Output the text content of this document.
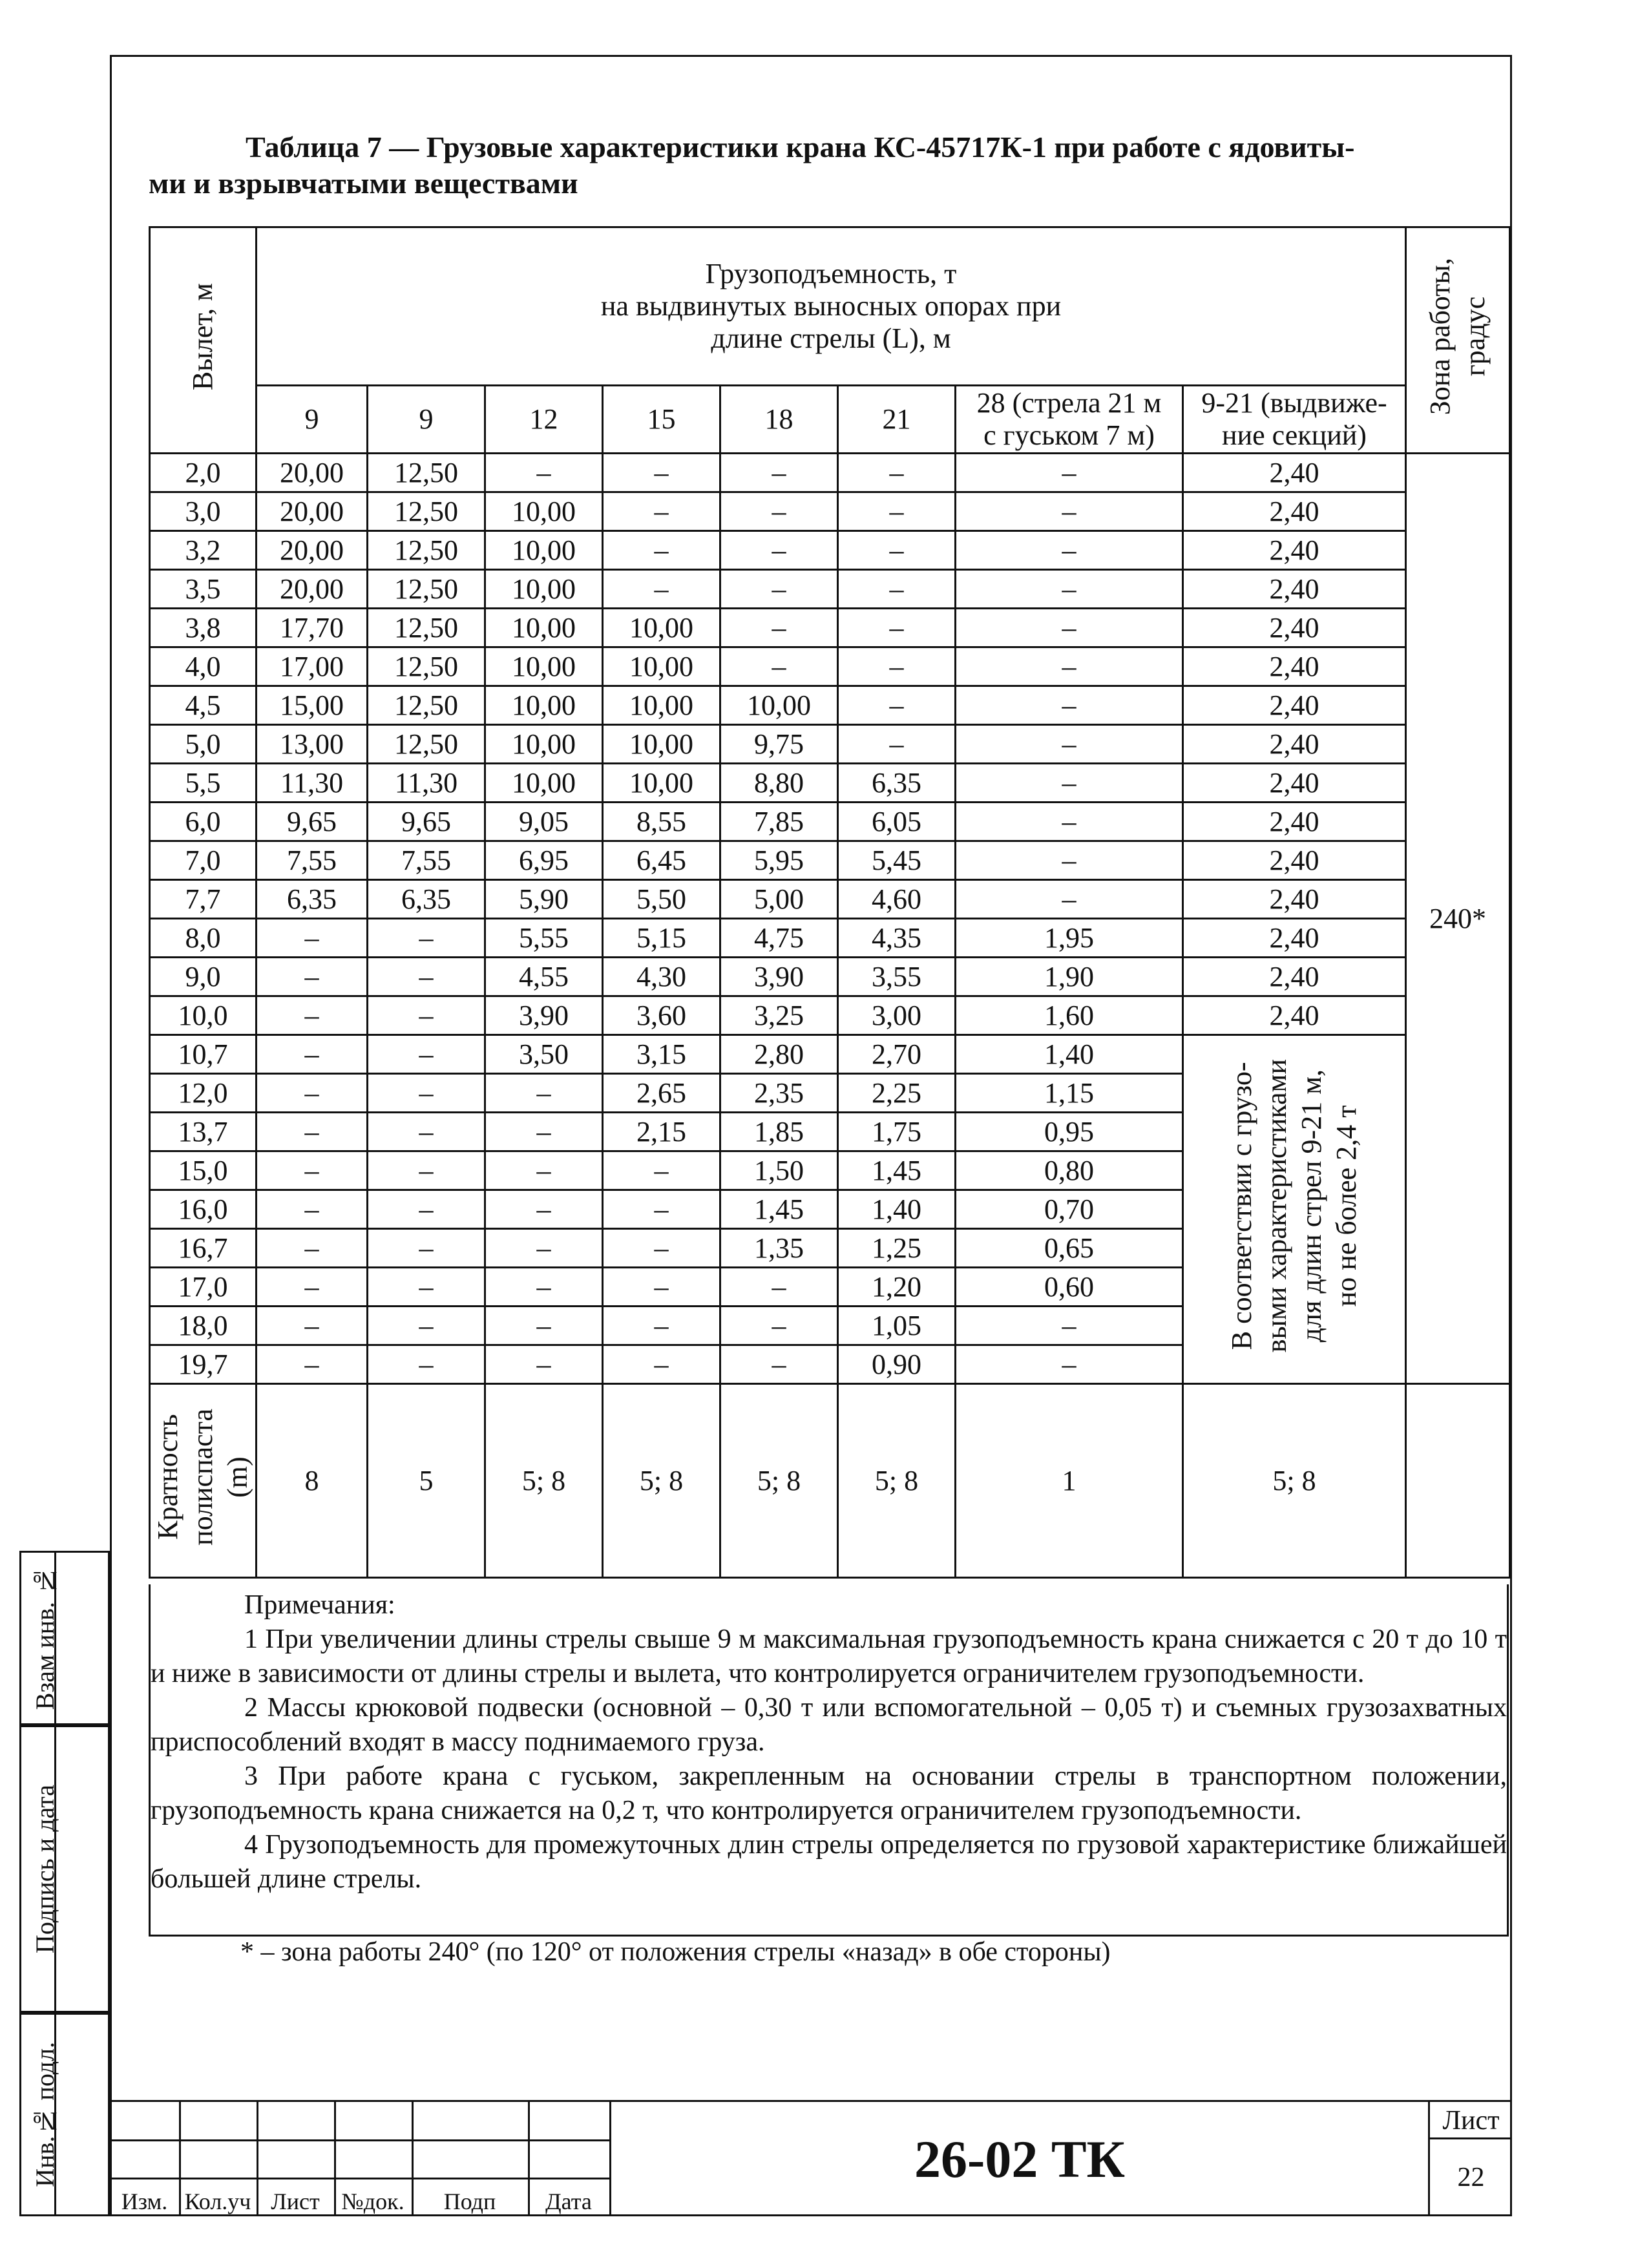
Таблица 7 — Грузовые характеристики крана КС-45717К-1 при работе с ядовиты-
ми и взрывчатыми веществами
Вылет, м	Грузоподъемность, т
на выдвинутых выносных опорах при
длине стрелы (L), м								Зона работы, градус
	9	9	12	15	18	21	28 (стрела 21 м
с гуськом 7 м)	9-21 (выдвиже-
ние секций)	
2,0	20,00	12,50	–	–	–	–	–	2,40	240*
3,0	20,00	12,50	10,00	–	–	–	–	2,40	
3,2	20,00	12,50	10,00	–	–	–	–	2,40	
3,5	20,00	12,50	10,00	–	–	–	–	2,40	
3,8	17,70	12,50	10,00	10,00	–	–	–	2,40	
4,0	17,00	12,50	10,00	10,00	–	–	–	2,40	
4,5	15,00	12,50	10,00	10,00	10,00	–	–	2,40	
5,0	13,00	12,50	10,00	10,00	9,75	–	–	2,40	
5,5	11,30	11,30	10,00	10,00	8,80	6,35	–	2,40	
6,0	9,65	9,65	9,05	8,55	7,85	6,05	–	2,40	
7,0	7,55	7,55	6,95	6,45	5,95	5,45	–	2,40	
7,7	6,35	6,35	5,90	5,50	5,00	4,60	–	2,40	
8,0	–	–	5,55	5,15	4,75	4,35	1,95	2,40	
9,0	–	–	4,55	4,30	3,90	3,55	1,90	2,40	
10,0	–	–	3,90	3,60	3,25	3,00	1,60	2,40	
10,7	–	–	3,50	3,15	2,80	2,70	1,40	В соответствии с грузо- выми характеристиками для длин стрел 9-21 м, но не более 2,4 т	
12,0	–	–	–	2,65	2,35	2,25	1,15		
13,7	–	–	–	2,15	1,85	1,75	0,95		
15,0	–	–	–	–	1,50	1,45	0,80		
16,0	–	–	–	–	1,45	1,40	0,70		
16,7	–	–	–	–	1,35	1,25	0,65		
17,0	–	–	–	–	–	1,20	0,60		
18,0	–	–	–	–	–	1,05	–		
19,7	–	–	–	–	–	0,90	–		
Кратность полиспаста (m)	8	5	5; 8	5; 8	5; 8	5; 8	1	5; 8	

Примечания:

1 При увеличении длины стрелы свыше 9 м максимальная грузоподъемность крана снижается с 20 т до 10 т и ниже в зависимости от длины стрелы и вылета, что контролируется ограничителем грузоподъемности.

2 Массы крюковой подвески (основной – 0,30 т или вспомогательной – 0,05 т) и съемных грузозахватных приспособлений входят в массу поднимаемого груза.

3 При работе крана с гуськом, закрепленным на основании стрелы в транспортном положении, грузоподъемность крана снижается на 0,2 т, что контролируется ограничителем грузоподъемности.

4 Грузоподъемность для промежуточных длин стрелы определяется по грузовой характеристике ближайшей большей длине стрелы.

* – зона работы 240° (по 120° от положения стрелы «назад» в обе стороны)
Взам инв. №
Подпись и дата
Инв.№ подл.
Изм. Кол.уч Лист №док.	Подп	Дата
26-02 ТК
Лист
22
